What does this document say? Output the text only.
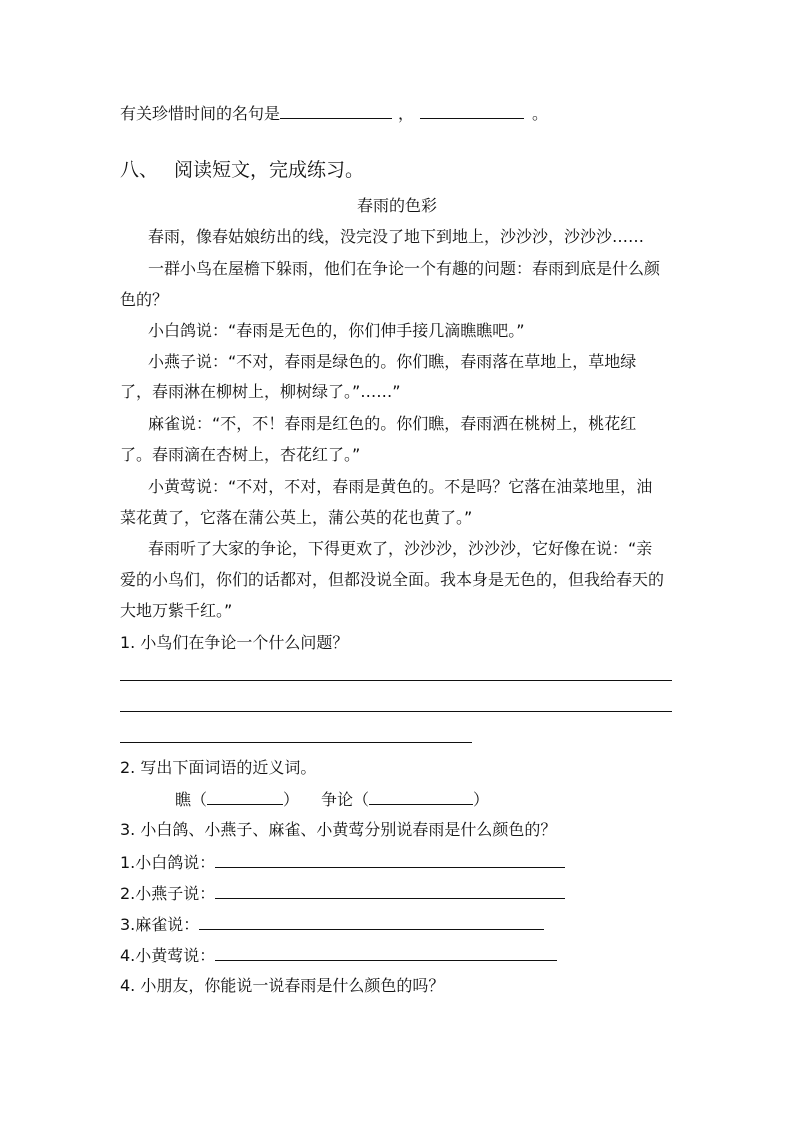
有关珍惜时间的名句是	，	。
八、 阅读短文，完成练习。
春雨的色彩
春雨，像春姑娘纺出的线，没完没了地下到地上，沙沙沙，沙沙沙……
一群小鸟在屋檐下躲雨，他们在争论一个有趣的问题：春雨到底是什么颜
色的？
小白鸽说：“春雨是无色的，你们伸手接几滴瞧瞧吧。”
小燕子说：“不对，春雨是绿色的。你们瞧，春雨落在草地上，草地绿
了，春雨淋在柳树上，柳树绿了。”……”
麻雀说：“不，不！春雨是红色的。你们瞧，春雨洒在桃树上，桃花红
了。春雨滴在杏树上，杏花红了。”
小黄莺说：“不对，不对，春雨是黄色的。不是吗？它落在油菜地里，油
菜花黄了，它落在蒲公英上，蒲公英的花也黄了。”
春雨听了大家的争论，下得更欢了，沙沙沙，沙沙沙，它好像在说：“亲
爱的小鸟们，你们的话都对，但都没说全面。我本身是无色的，但我给春天的
大地万紫千红。”
1. 小鸟们在争论一个什么问题？
2. 写出下面词语的近义词。
瞧（	） 争论（	）
3. 小白鸽、小燕子、麻雀、小黄莺分别说春雨是什么颜色的？
1.小白鸽说：
2.小燕子说：
3.麻雀说：
4.小黄莺说：
4. 小朋友，你能说一说春雨是什么颜色的吗？
